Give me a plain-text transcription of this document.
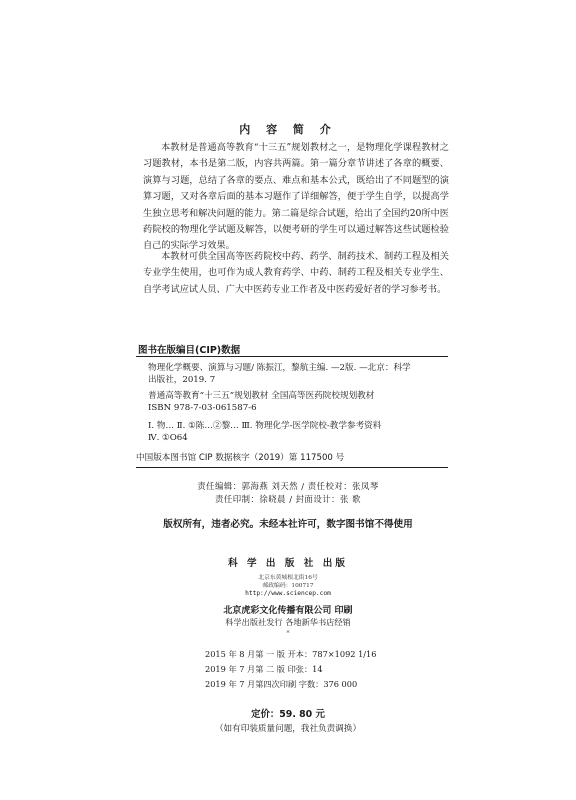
内 容 简 介

本教材是普通高等教育“十三五”规划教材之一，是物理化学课程教材之习题教材，本书是第二版，内容共两篇。第一篇分章节讲述了各章的概要、演算与习题，总结了各章的要点、难点和基本公式，既给出了不同题型的演算习题，又对各章后面的基本习题作了详细解答，便于学生自学，以提高学生独立思考和解决问题的能力。第二篇是综合试题，给出了全国约20所中医药院校的物理化学试题及解答，以便考研的学生可以通过解答这些试题检验自己的实际学习效果。

本教材可供全国高等医药院校中药、药学、制药技术、制药工程及相关专业学生使用，也可作为成人教育药学、中药、制药工程及相关专业学生、自学考试应试人员、广大中医药专业工作者及中医药爱好者的学习参考书。

图书在版编目(CIP)数据
物理化学概要、演算与习题/ 陈振江，黎航主编. —2版. —北京：科学
出版社，2019. 7
普通高等教育“十三五”规划教材 全国高等医药院校规划教材
ISBN 978-7-03-061587-6
Ⅰ. 物… Ⅱ. ①陈…②黎… Ⅲ. 物理化学-医学院校-教学参考资料
Ⅳ. ①O64
中国版本图书馆 CIP 数据核字（2019）第 117500 号
责任编辑：郭海燕 刘天然 / 责任校对：张凤琴
责任印制：徐晓晨 / 封面设计：张 歌
版权所有，违者必究。未经本社许可，数字图书馆不得使用
科 学 出 版 社 出版
北京东黄城根北街16号
邮政编码：100717
http://www.sciencep.com
北京虎彩文化传播有限公司 印刷
科学出版社发行 各地新华书店经销
*
2015 年 8 月第 一 版 开本：787×1092 1/16
2019 年 7 月第 二 版 印张：14
2019 年 7 月第四次印刷 字数：376 000
定价：59. 80 元
（如有印装质量问题，我社负责调换）
